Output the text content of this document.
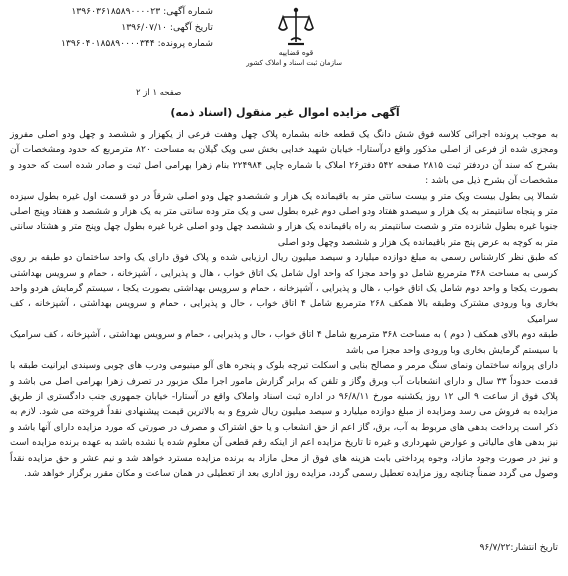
شماره آگهی: ۱۳۹۶۰۳۶۱۸۵۸۹۰۰۰۰۲۳
تاریخ آگهی: ۱۳۹۶/۰۷/۱۰
شماره پرونده: ۱۳۹۶۰۴۰۱۸۵۸۹۰۰۰۰۳۴۴
قوه قضاییه
سازمان ثبت اسناد و املاک کشور
صفحه ۱ از ۲
آگهی مزایده اموال غیر منقول (اسناد ذمه)

به موجب پرونده اجرائی کلاسه فوق شش دانگ یک قطعه خانه بشماره پلاک چهل وهفت فرعی از یکهزار و ششصد و چهل ودو اصلی مفروز ومجزی شده از فرعی از اصلی مذکور واقع درآستارا- خیابان شهید خدایی بخش سی ویک گیلان به مساحت ۸۲۰ مترمربع که حدود ومشخصات آن بشرح که سند آن دردفتر ثبت ۲۸۱۵ صفحه ۵۴۲ دفتر۲۶ املاک با شماره چاپی ۲۲۴۹۸۴ بنام زهرا بهرامی اصل ثبت و صادر شده است که حدود و مشخصات آن بشرح ذیل می باشد :

شمالا پی بطول بیست ویک متر و بیست سانتی متر به باقیمانده یک هزار و ششصدو چهل ودو اصلی شرقاً در دو قسمت اول غیره بطول سیزده متر و پنجاه سانتیمتر به یک هزار و سیصدو هفتاد ودو اصلی دوم غیره بطول سی و یک متر وده سانتی متر به یک هزار و ششصد و هفتاد وپنج اصلی جنوبا غیره بطول شانزده متر و شصت سانتیمتر به راه باقیمانده یک هزار و ششصد چهل ودو اصلی غربا غیره بطول چهل وپنج متر و هشتاد سانتی متر به کوچه به عرض پنج متر باقیمانده یک هزار و ششصد وچهل ودو اصلی

که طبق نظر کارشناس رسمی به مبلغ دوازده میلیارد و سیصد میلیون ریال ارزیابی شده و پلاک فوق دارای یک واحد ساختمان دو طبقه بر روی کرسی به مساحت ۳۶۸ مترمربع شامل دو واحد مجزا که واحد اول شامل یک اتاق خواب ، هال و پذیرایی ، آشپزخانه ، حمام و سرویس بهداشتی بصورت یکجا و واحد دوم شامل یک اتاق خواب ، هال و پذیرایی ، آشپزخانه ، حمام و سرویس بهداشتی بصورت یکجا ، سیستم گرمایش هردو واحد بخاری وبا ورودی مشترک وطبقه بالا همکف ۲۶۸ مترمربع شامل ۴ اتاق خواب ، حال و پذیرایی ، حمام و سرویس بهداشتی ، آشپزخانه ، کف سرامیک

طبقه دوم بالای همکف ( دوم ) به مساحت ۳۶۸ مترمربع شامل ۴ اتاق خواب ، حال و پذیرایی ، حمام و سرویس بهداشتی ، آشپزخانه ، کف سرامیک با سیستم گرمایش بخاری وبا ورودی واحد مجزا می باشد

دارای پروانه ساختمان ونمای سنگ مرمر و مصالح بنایی و اسکلت تیرچه بلوک و پنجره های آلو مینیومی ودرب های چوبی وسیندی ایرانیت طبقه با قدمت حدوداً ۳۳ سال و دارای انشعابات آب وبرق وگاز و تلفن که برابر گزارش مامور اجرا ملک مزبور در تصرف زهرا بهرامی اصل می باشد و پلاک فوق از ساعت ۹ الی ۱۲ روز یکشنبه مورخ ۹۶/۸/۱۱ در اداره ثبت اسناد واملاک واقع در آستارا- خیابان جمهوری جنب دادگستری از طریق مزایده به فروش می رسد ومزایده از مبلغ دوازده میلیارد و سیصد میلیون ریال شروع و به بالاترین قیمت پیشنهادی نقداً فروخته می شود. لازم به ذکر است پرداخت بدهی های مربوط به آب، برق، گاز اعم از حق انشعاب و یا حق اشتراک و مصرف در صورتی که مورد مزایده دارای آنها باشد و نیز بدهی های مالیاتی و عوارض شهرداری و غیره تا تاریخ مزایده اعم از اینکه رقم قطعی آن معلوم شده یا نشده باشد به عهده برنده مزایده است و نیز در صورت وجود مازاد، وجوه پرداختی بابت هزینه های فوق از محل مازاد به برنده مزایده مسترد خواهد شد و نیم عشر و حق مزایده نقداً وصول می گردد ضمناً چنانچه روز مزایده تعطیل رسمی گردد، مزایده روز اداری بعد از تعطیلی در همان ساعت و مکان مقرر برگزار خواهد شد.

تاریخ انتشار:۹۶/۷/۲۲
